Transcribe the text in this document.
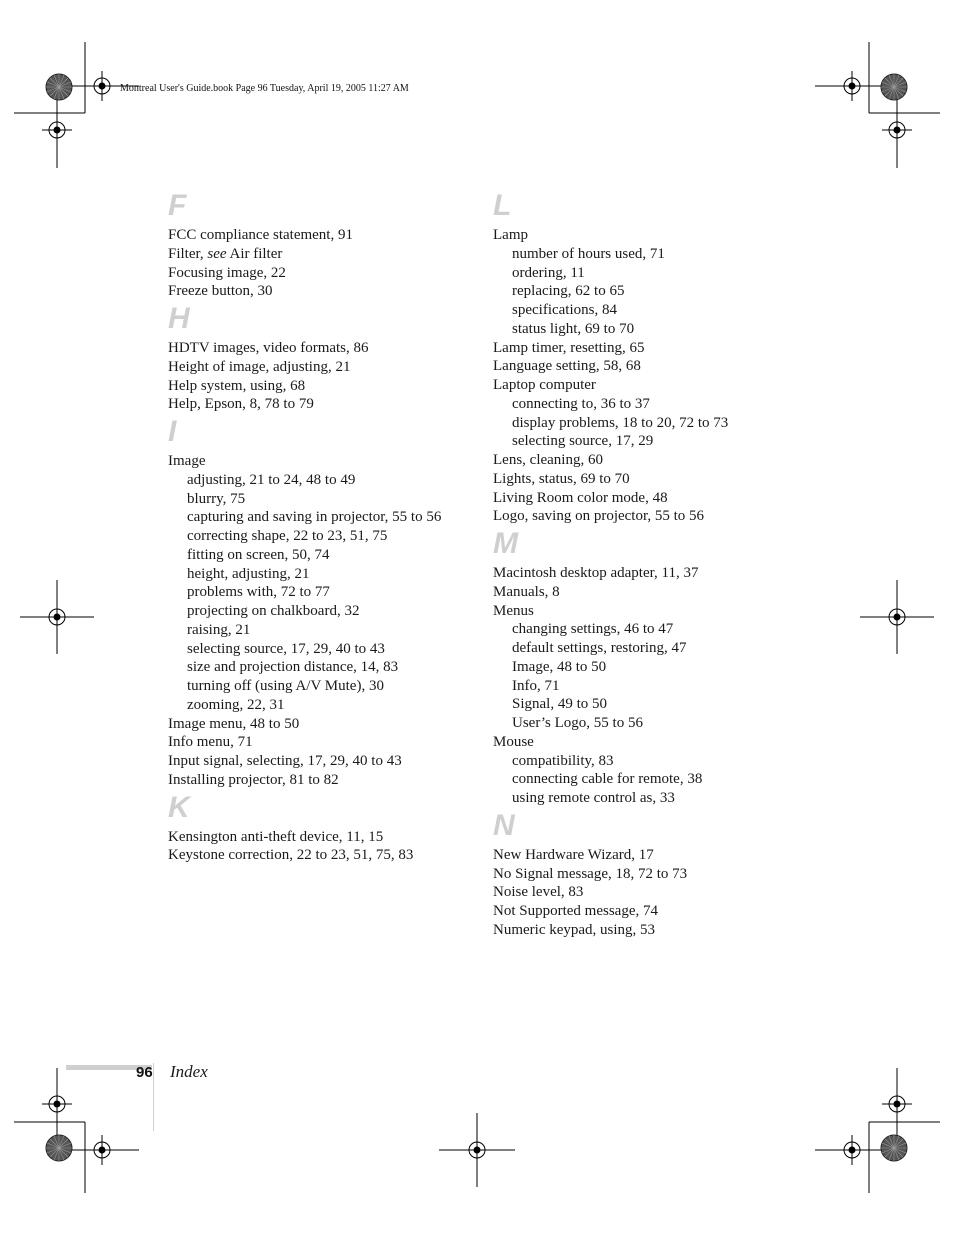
Montreal User's Guide.book Page 96 Tuesday, April 19, 2005 11:27 AM
F
FCC compliance statement, 91
Filter, see Air filter
Focusing image, 22
Freeze button, 30
H
HDTV images, video formats, 86
Height of image, adjusting, 21
Help system, using, 68
Help, Epson, 8, 78 to 79
I
Image
adjusting, 21 to 24, 48 to 49
blurry, 75
capturing and saving in projector, 55 to 56
correcting shape, 22 to 23, 51, 75
fitting on screen, 50, 74
height, adjusting, 21
problems with, 72 to 77
projecting on chalkboard, 32
raising, 21
selecting source, 17, 29, 40 to 43
size and projection distance, 14, 83
turning off (using A/V Mute), 30
zooming, 22, 31
Image menu, 48 to 50
Info menu, 71
Input signal, selecting, 17, 29, 40 to 43
Installing projector, 81 to 82
K
Kensington anti-theft device, 11, 15
Keystone correction, 22 to 23, 51, 75, 83
L
Lamp
number of hours used, 71
ordering, 11
replacing, 62 to 65
specifications, 84
status light, 69 to 70
Lamp timer, resetting, 65
Language setting, 58, 68
Laptop computer
connecting to, 36 to 37
display problems, 18 to 20, 72 to 73
selecting source, 17, 29
Lens, cleaning, 60
Lights, status, 69 to 70
Living Room color mode, 48
Logo, saving on projector, 55 to 56
M
Macintosh desktop adapter, 11, 37
Manuals, 8
Menus
changing settings, 46 to 47
default settings, restoring, 47
Image, 48 to 50
Info, 71
Signal, 49 to 50
User’s Logo, 55 to 56
Mouse
compatibility, 83
connecting cable for remote, 38
using remote control as, 33
N
New Hardware Wizard, 17
No Signal message, 18, 72 to 73
Noise level, 83
Not Supported message, 74
Numeric keypad, using, 53
96 Index
